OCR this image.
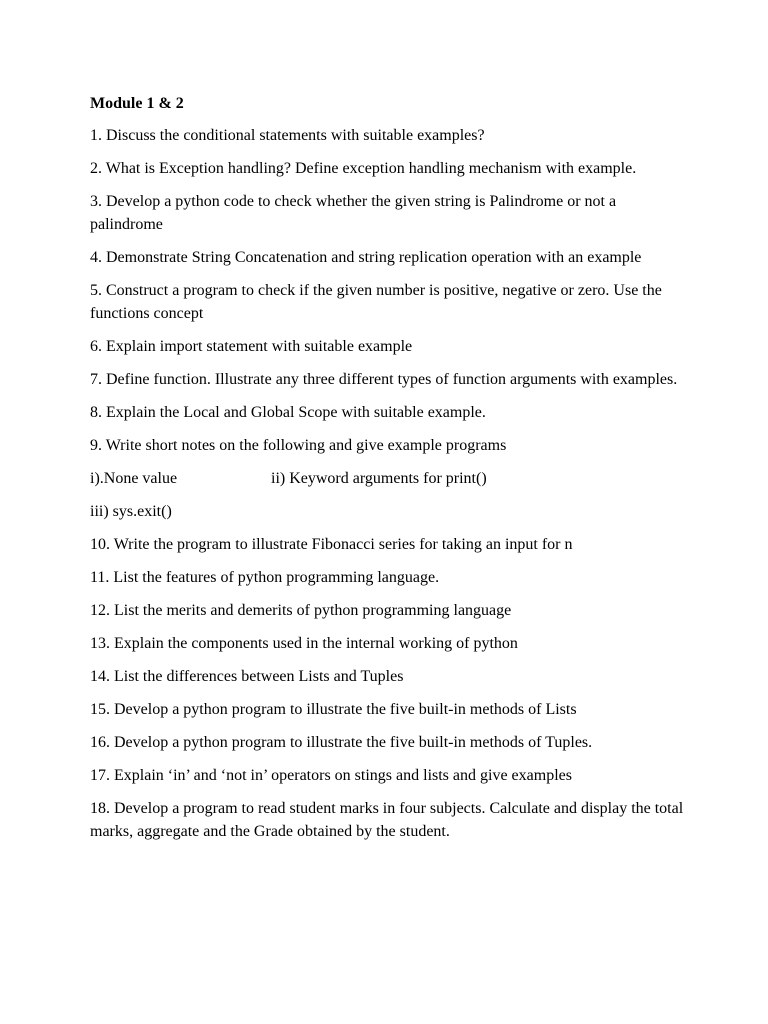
Module 1 & 2
1. Discuss the conditional statements with suitable examples?
2. What is Exception handling? Define exception handling mechanism with example.
3. Develop a python code to check whether the given string is Palindrome or not a palindrome
4. Demonstrate String Concatenation and string replication operation with an example
5. Construct a program to check if the given number is positive, negative or zero. Use the functions concept
6. Explain import statement with suitable example
7. Define function. Illustrate any three different types of function arguments with examples.
8. Explain the Local and Global Scope with suitable example.
9. Write short notes on the following and give example programs
i).None value	ii) Keyword arguments for print()
iii) sys.exit()
10. Write the program to illustrate Fibonacci series for taking an input for n
11. List the features of python programming language.
12. List the merits and demerits of python programming language
13. Explain the components used in the internal working of python
14. List the differences between Lists and Tuples
15. Develop a python program to illustrate the five built-in methods of Lists
16. Develop a python program to illustrate the five built-in methods of Tuples.
17. Explain ‘in’ and ‘not in’ operators on stings and lists and give examples
18. Develop a program to read student marks in four subjects. Calculate and display the total marks, aggregate and the Grade obtained by the student.
